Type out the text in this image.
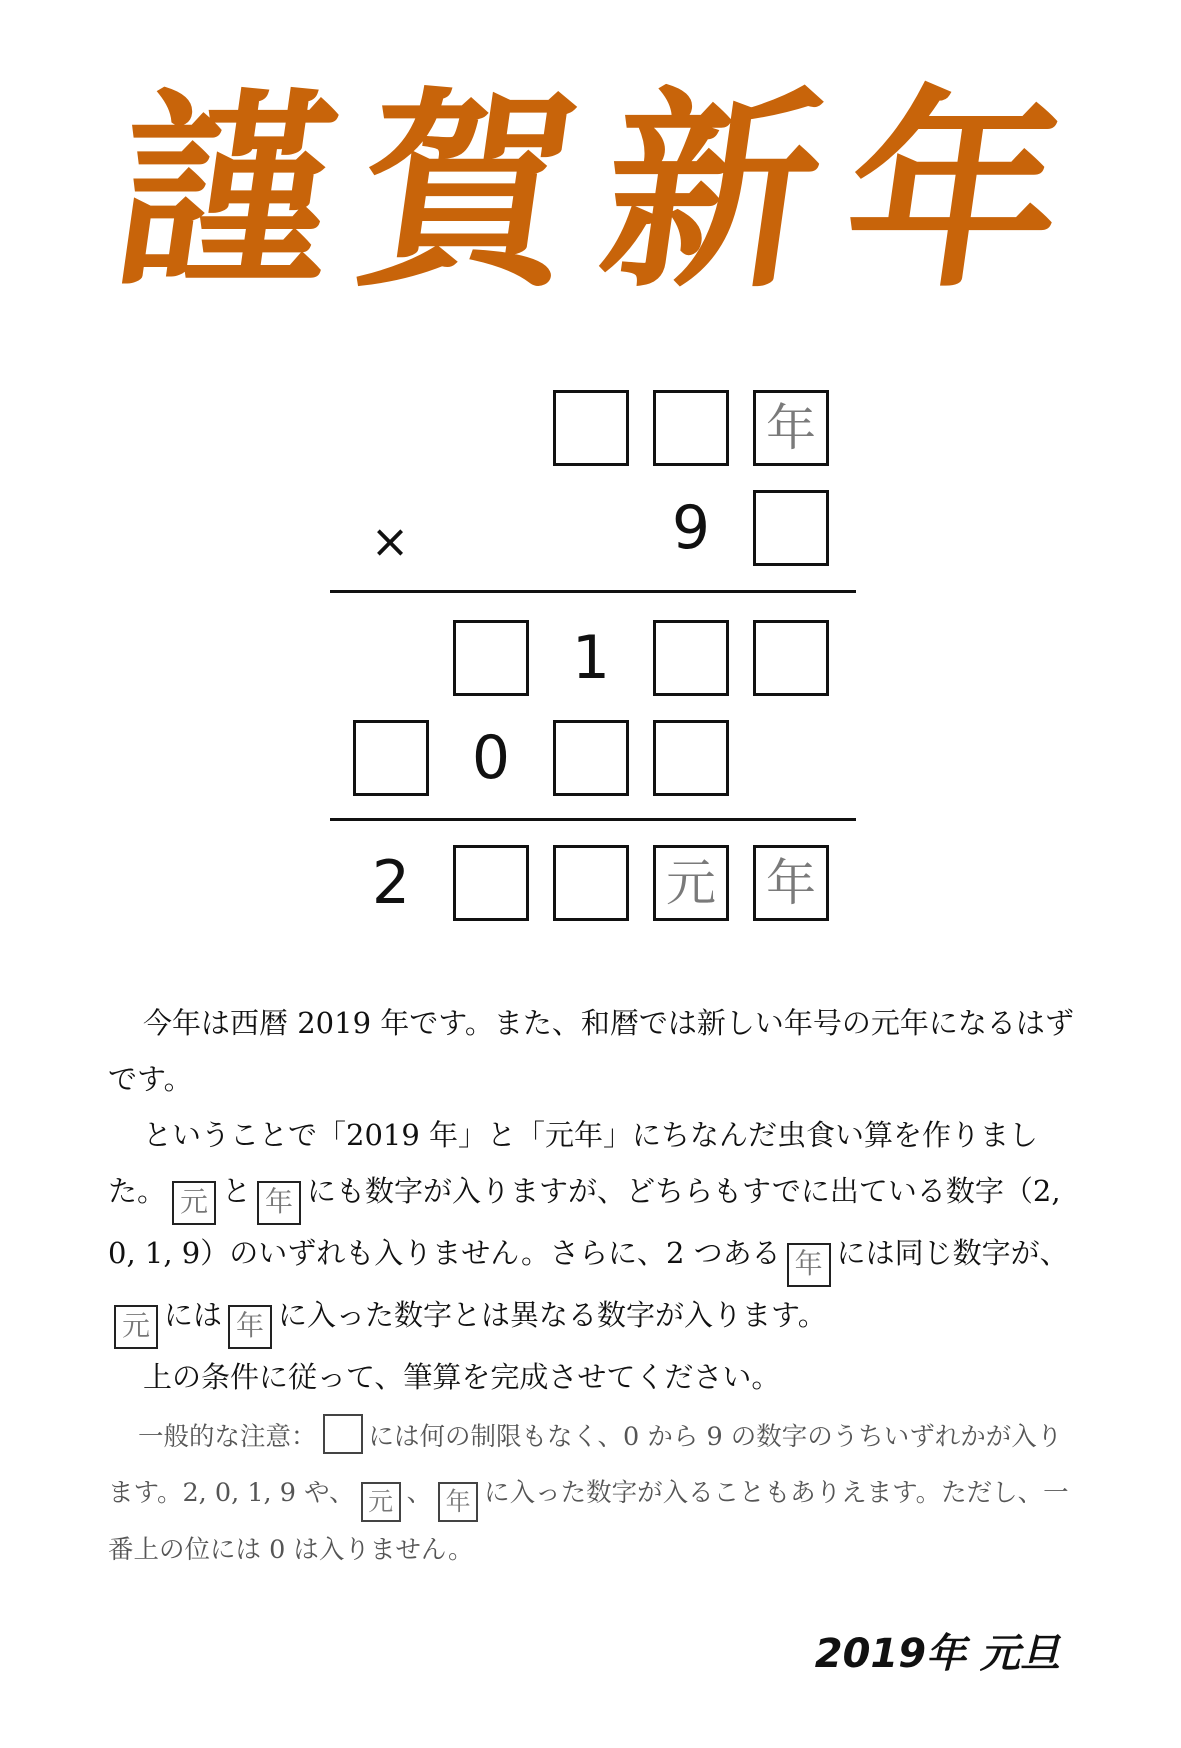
謹
賀
新
年
年
×	9
1
0
2	元 年

今年は西暦 2019 年です。また、和暦では新しい年号の元年になるはずです。

ということで「2019 年」と「元年」にちなんだ虫食い算を作りました。 元 と 年 にも数字が入りますが、どちらもすでに出ている数字（2, 0, 1, 9）のいずれも入りません。さらに、2 つある 年 には同じ数字が、元 には 年 に入った数字とは異なる数字が入ります。

上の条件に従って、筆算を完成させてください。

一般的な注意： には何の制限もなく、0 から 9 の数字のうちいずれかが入ります。2, 0, 1, 9 や、 元 、 年 に入った数字が入ることもありえます。ただし、一番上の位には 0 は入りません。
2019年 元旦
